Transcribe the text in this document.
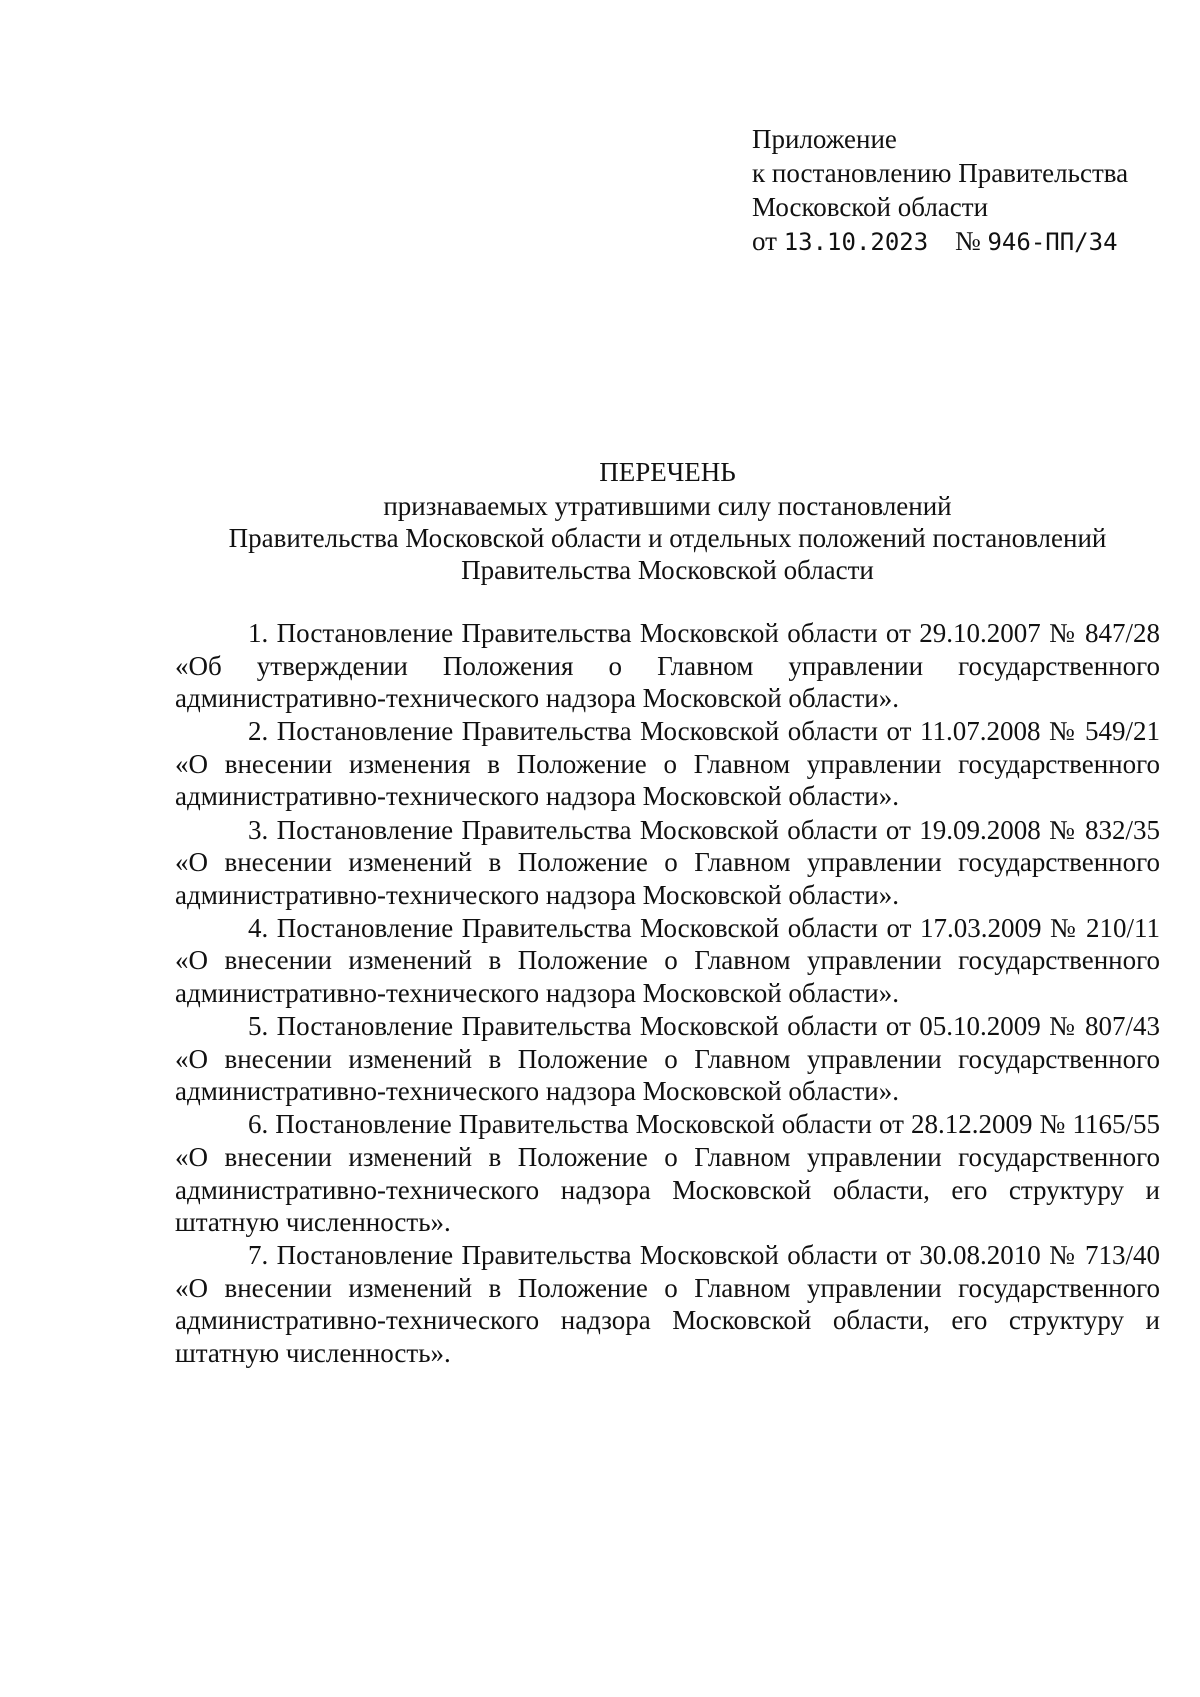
Приложение
к постановлению Правительства
Московской области
от 13.10.2023 № 946-ПП/34
ПЕРЕЧЕНЬ
признаваемых утратившими силу постановлений
Правительства Московской области и отдельных положений постановлений
Правительства Московской области

1. Постановление Правительства Московской области от 29.10.2007 № 847/28 «Об утверждении Положения о Главном управлении государственного административно-технического надзора Московской области».

2. Постановление Правительства Московской области от 11.07.2008 № 549/21 «О внесении изменения в Положение о Главном управлении государственного административно-технического надзора Московской области».

3. Постановление Правительства Московской области от 19.09.2008 № 832/35 «О внесении изменений в Положение о Главном управлении государственного административно-технического надзора Московской области».

4. Постановление Правительства Московской области от 17.03.2009 № 210/11 «О внесении изменений в Положение о Главном управлении государственного административно-технического надзора Московской области».

5. Постановление Правительства Московской области от 05.10.2009 № 807/43 «О внесении изменений в Положение о Главном управлении государственного административно-технического надзора Московской области».

6. Постановление Правительства Московской области от 28.12.2009 № 1165/55 «О внесении изменений в Положение о Главном управлении государственного административно-технического надзора Московской области, его структуру и штатную численность».

7. Постановление Правительства Московской области от 30.08.2010 № 713/40 «О внесении изменений в Положение о Главном управлении государственного административно-технического надзора Московской области, его структуру и штатную численность».
